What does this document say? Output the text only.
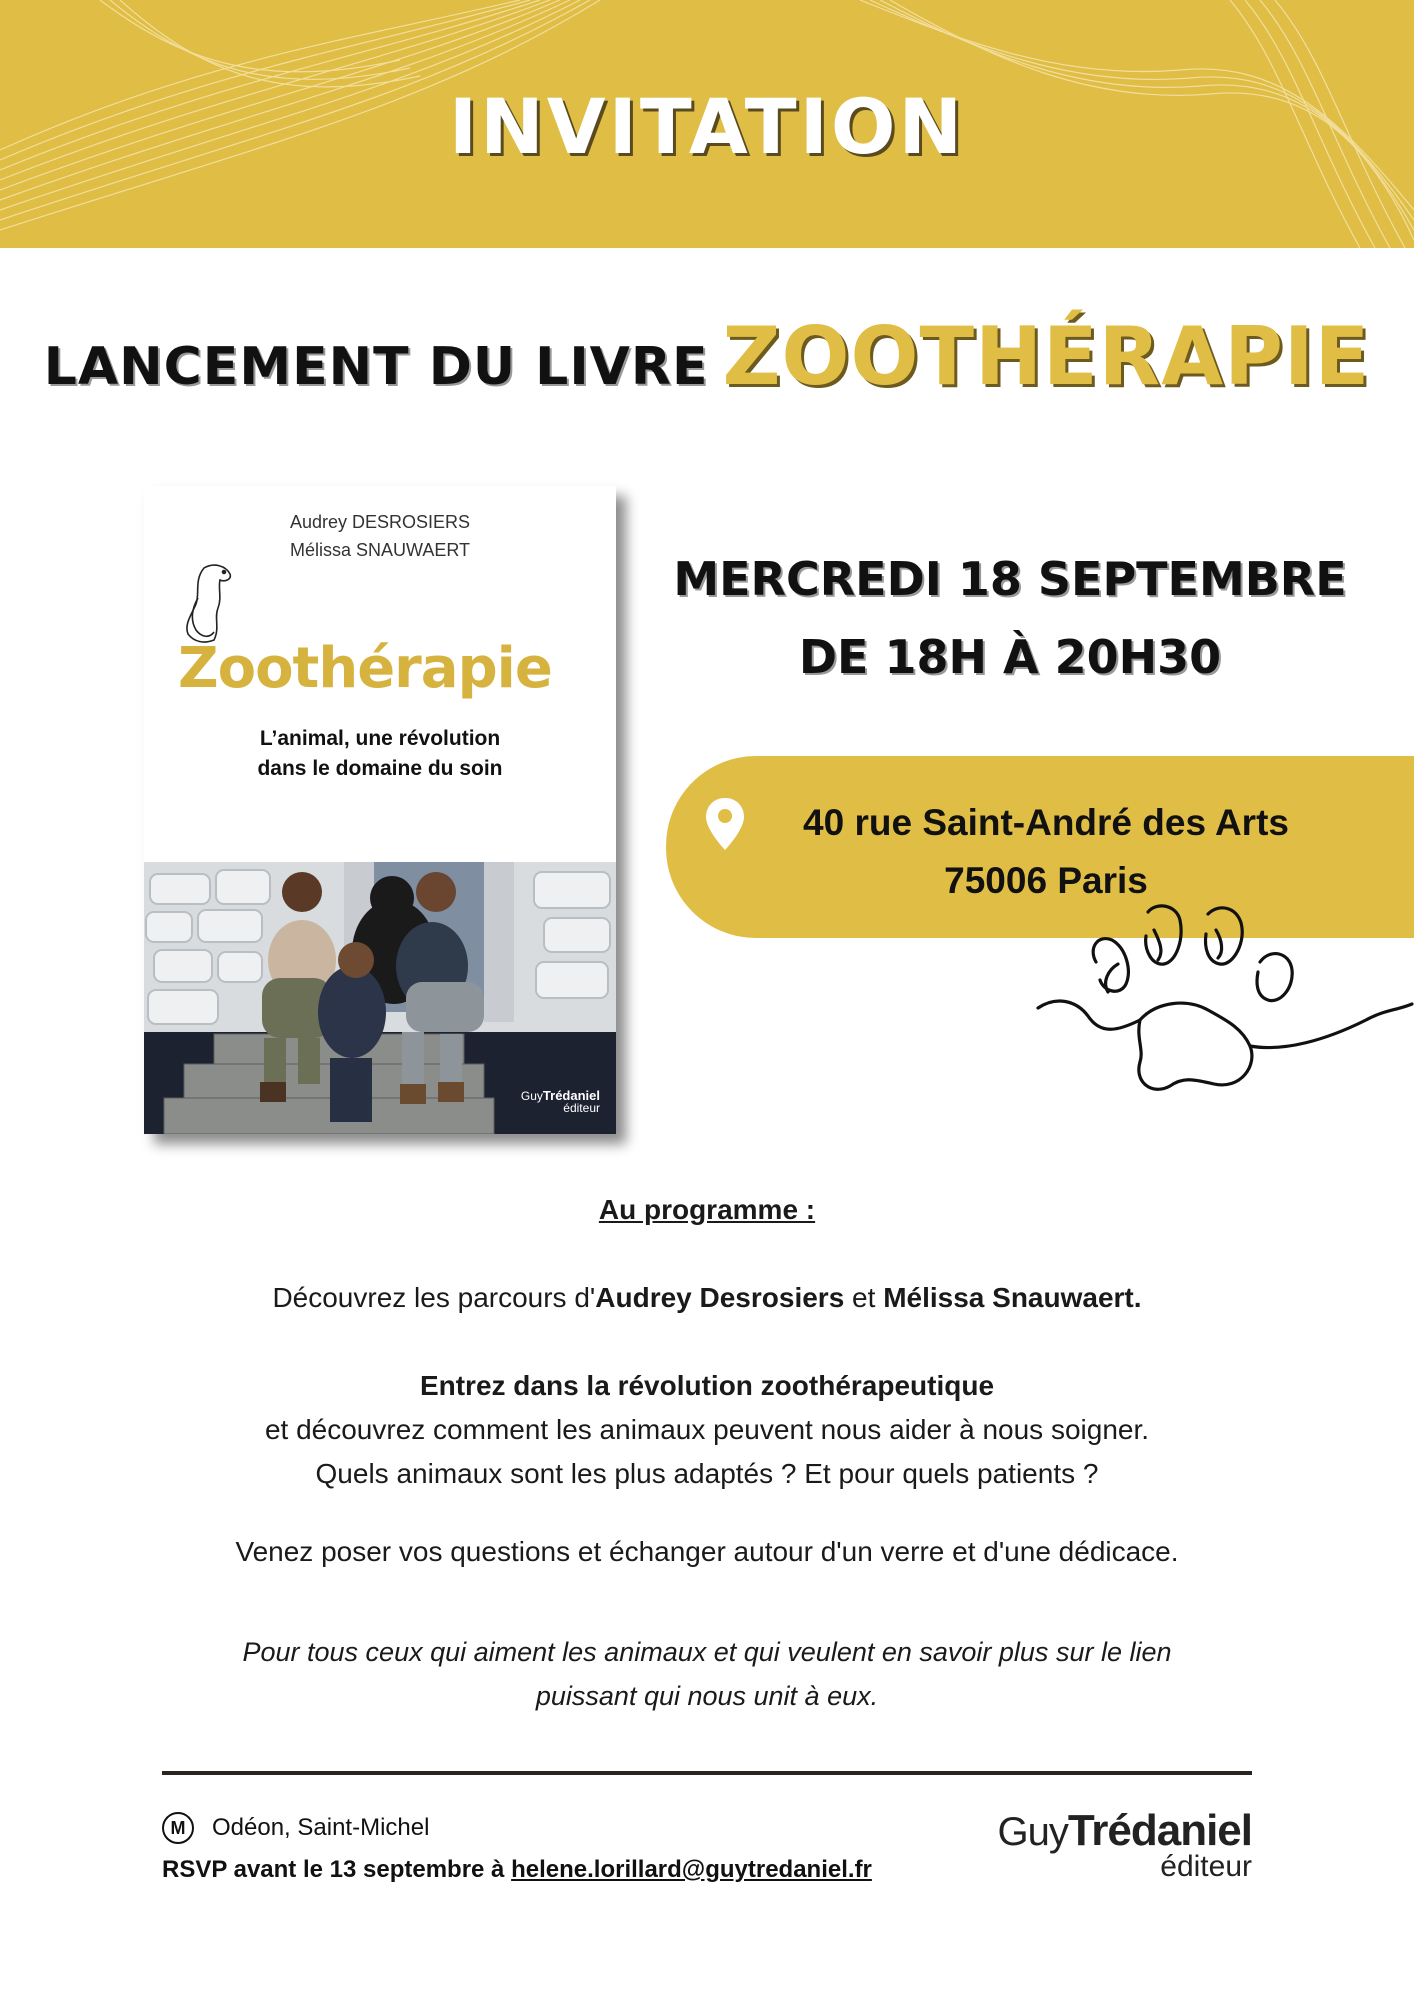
INVITATION
LANCEMENT DU LIVRE ZOOTHÉRAPIE
Audrey DESROSIERS
Mélissa SNAUWAERT
Zoothérapie
L’animal, une révolution
dans le domaine du soin
GuyTrédaniel
éditeur
MERCREDI 18 SEPTEMBRE
DE 18H À 20H30
40 rue Saint-André des Arts
75006 Paris
Au programme :
Découvrez les parcours d'Audrey Desrosiers et Mélissa Snauwaert.
Entrez dans la révolution zoothérapeutique
et découvrez comment les animaux peuvent nous aider à nous soigner.
Quels animaux sont les plus adaptés ? Et pour quels patients ?
Venez poser vos questions et échanger autour d'un verre et d'une dédicace.
Pour tous ceux qui aiment les animaux et qui veulent en savoir plus sur le lien
puissant qui nous unit à eux.
M	Odéon, Saint-Michel
RSVP avant le 13 septembre à helene.lorillard@guytredaniel.fr
GuyTrédaniel
éditeur
